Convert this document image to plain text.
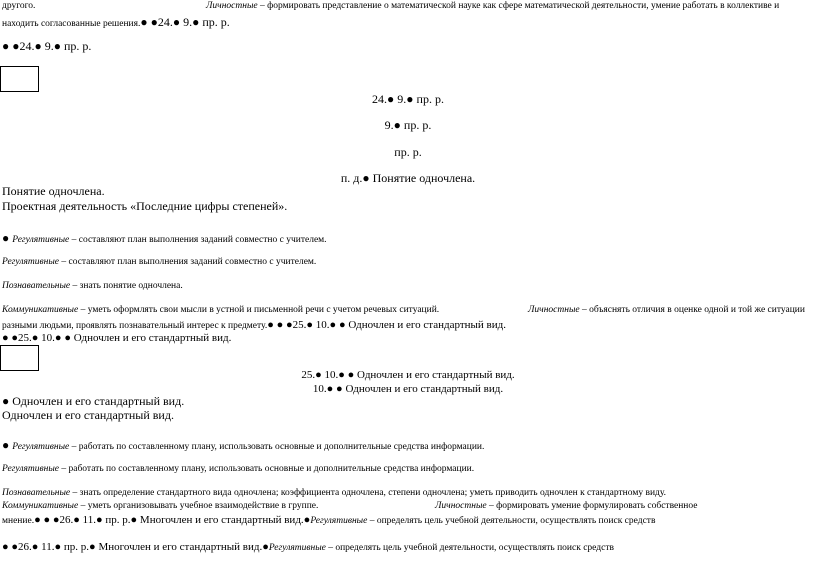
другого.	Личностные – формировать представление о математической науке как сфере математической деятельности, умение работать в коллективе и
находить согласованные решения.● ●24.● 9.● пр. р.
● ●24.● 9.● пр. р.
24.● 9.● пр. р.
9.● пр. р.
пр. р.
п. д.● Понятие одночлена.
Понятие одночлена.
Проектная деятельность «Последние цифры степеней».
● Регулятивные – составляют план выполнения заданий совместно с учителем.
Регулятивные – составляют план выполнения заданий совместно с учителем.
Познавательные – знать понятие одночлена.
Коммуникативные – уметь оформлять свои мысли в устной и письменной речи с учетом речевых ситуаций.	Личностные – объяснять отличия в оценке одной и той же ситуации
разными людьми, проявлять познавательный интерес к предмету.● ● ●25.● 10.● ● Одночлен и его стандартный вид.
● ●25.● 10.● ● Одночлен и его стандартный вид.
25.● 10.● ● Одночлен и его стандартный вид.
10.● ● Одночлен и его стандартный вид.
● Одночлен и его стандартный вид.
Одночлен и его стандартный вид.
● Регулятивные – работать по составленному плану, использовать основные и дополнительные средства информации.
Регулятивные – работать по составленному плану, использовать основные и дополнительные средства информации.
Познавательные – знать определение стандартного вида одночлена; коэффициента одночлена, степени одночлена; уметь приводить одночлен к стандартному виду.
Коммуникативные – уметь организовывать учебное взаимодействие в группе.	Личностные – формировать умение формулировать собственное
мнение.● ● ●26.● 11.● пр. р.● Многочлен и его стандартный вид.●Регулятивные – определять цель учебной деятельности, осуществлять поиск средств
● ●26.● 11.● пр. р.● Многочлен и его стандартный вид.●Регулятивные – определять цель учебной деятельности, осуществлять поиск средств
